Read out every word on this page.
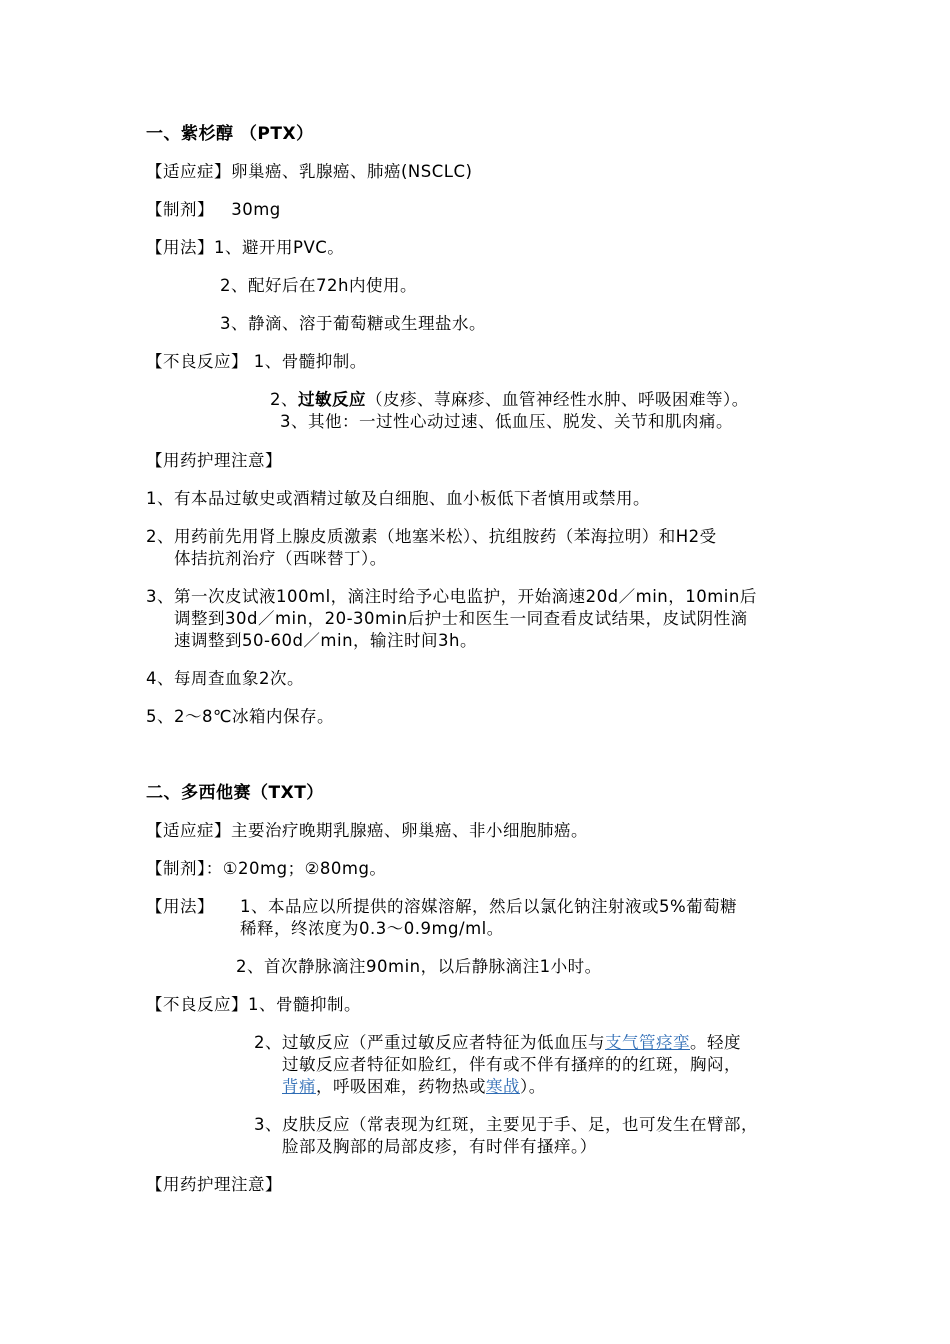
一、紫杉醇 （PTX）
【适应症】卵巢癌、乳腺癌、肺癌(NSCLC)
【制剂】   30mg
【用法】1、避开用PVC。
2、配好后在72h内使用。
3、静滴、溶于葡萄糖或生理盐水。
【不良反应】 1、骨髓抑制。
2、过敏反应（皮疹、荨麻疹、血管神经性水肿、呼吸困难等）。
3、其他：一过性心动过速、低血压、脱发、关节和肌肉痛。
【用药护理注意】
1、有本品过敏史或酒精过敏及白细胞、血小板低下者慎用或禁用。
2、用药前先用肾上腺皮质激素（地塞米松）、抗组胺药（苯海拉明）和H2受
体拮抗剂治疗（西咪替丁）。
3、第一次皮试液100ml，滴注时给予心电监护，开始滴速20d／min，10min后
调整到30d／min，20-30min后护士和医生一同查看皮试结果，皮试阴性滴
速调整到50-60d／min，输注时间3h。
4、每周查血象2次。
5、2～8℃冰箱内保存。
二、多西他赛（TXT）
【适应症】主要治疗晚期乳腺癌、卵巢癌、非小细胞肺癌。
【制剂】：①20mg；②80mg。
【用法】 1、本品应以所提供的溶媒溶解，然后以氯化钠注射液或5%葡萄糖
稀释，终浓度为0.3～0.9mg/ml。
2、首次静脉滴注90min，以后静脉滴注1小时。
【不良反应】1、骨髓抑制。
2、过敏反应（严重过敏反应者特征为低血压与支气管痉挛。轻度
过敏反应者特征如脸红，伴有或不伴有搔痒的的红斑，胸闷，
背痛，呼吸困难，药物热或寒战）。
3、皮肤反应（常表现为红斑，主要见于手、足，也可发生在臂部，
脸部及胸部的局部皮疹，有时伴有搔痒。）
【用药护理注意】
